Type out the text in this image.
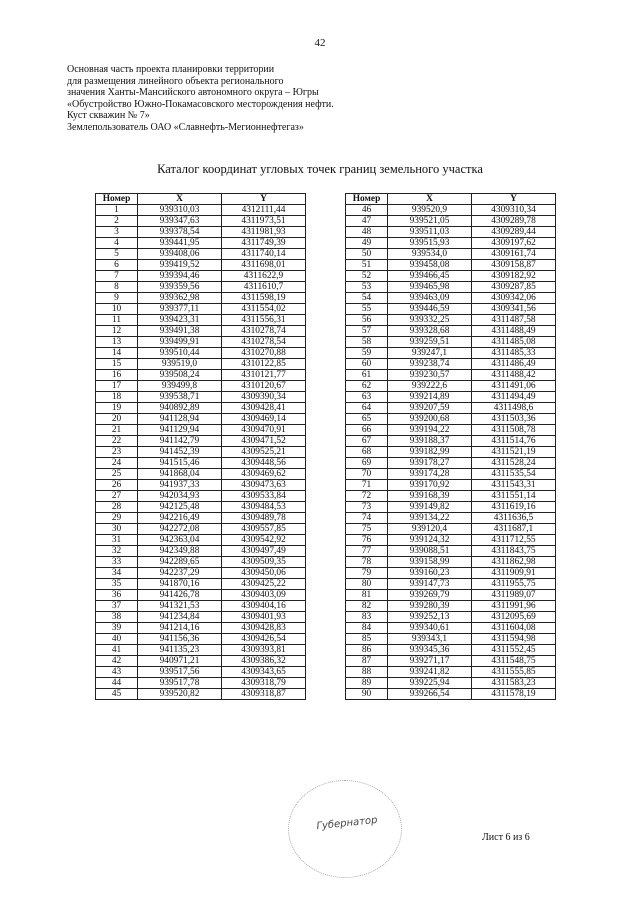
42
Основная часть проекта планировки территории
для размещения линейного объекта регионального
значения Ханты-Мансийского автономного округа – Югры
«Обустройство Южно-Покамасовского месторождения нефти.
Куст скважин № 7»
Землепользователь ОАО «Славнефть-Мегионнефтегаз»
Каталог координат угловых точек границ земельного участка
Номер	X	Y
1	939310,03	4312111,44
2	939347,63	4311973,51
3	939378,54	4311981,93
4	939441,95	4311749,39
5	939408,06	4311740,14
6	939419,52	4311698,01
7	939394,46	4311622,9
8	939359,56	4311610,7
9	939362,98	4311598,19
10	939377,11	4311554,02
11	939423,31	4311556,31
12	939491,38	4310278,74
13	939499,91	4310278,54
14	939510,44	4310270,88
15	939519,0	4310122,85
16	939508,24	4310121,77
17	939499,8	4310120,67
18	939538,71	4309390,34
19	940892,89	4309428,41
20	941128,94	4309469,14
21	941129,94	4309470,91
22	941142,79	4309471,52
23	941452,39	4309525,21
24	941515,46	4309448,56
25	941868,04	4309469,62
26	941937,33	4309473,63
27	942034,93	4309533,84
28	942125,48	4309484,53
29	942216,49	4309489,78
30	942272,08	4309557,85
31	942363,04	4309542,92
32	942349,88	4309497,49
33	942289,65	4309509,35
34	942237,29	4309450,06
35	941870,16	4309425,22
36	941426,78	4309403,09
37	941321,53	4309404,16
38	941234,84	4309401,93
39	941214,16	4309428,83
40	941156,36	4309426,54
41	941135,23	4309393,81
42	940971,21	4309386,32
43	939517,56	4309343,65
44	939517,78	4309318,79
45	939520,82	4309318,87
Номер	X	Y
46	939520,9	4309310,34
47	939521,05	4309289,78
48	939511,03	4309289,44
49	939515,93	4309197,62
50	939534,0	4309161,74
51	939458,08	4309158,87
52	939466,45	4309182,92
53	939465,98	4309287,85
54	939463,09	4309342,06
55	939446,59	4309341,56
56	939332,25	4311487,58
57	939328,68	4311488,49
58	939259,51	4311485,08
59	939247,1	4311485,33
60	939238,74	4311486,49
61	939230,57	4311488,42
62	939222,6	4311491,06
63	939214,89	4311494,49
64	939207,59	4311498,6
65	939200,68	4311503,36
66	939194,22	4311508,78
67	939188,37	4311514,76
68	939182,99	4311521,19
69	939178,27	4311528,24
70	939174,28	4311535,54
71	939170,92	4311543,31
72	939168,39	4311551,14
73	939149,82	4311619,16
74	939134,22	4311636,5
75	939120,4	4311687,1
76	939124,32	4311712,55
77	939088,51	4311843,75
78	939158,99	4311862,98
79	939160,23	4311909,91
80	939147,73	4311955,75
81	939269,79	4311989,07
82	939280,39	4311991,96
83	939252,13	4312095,69
84	939340,61	4311604,08
85	939343,1	4311594,98
86	939345,36	4311552,45
87	939271,17	4311548,75
88	939241,82	4311555,85
89	939225,94	4311583,23
90	939266,54	4311578,19
Губернатор
Лист 6 из 6
